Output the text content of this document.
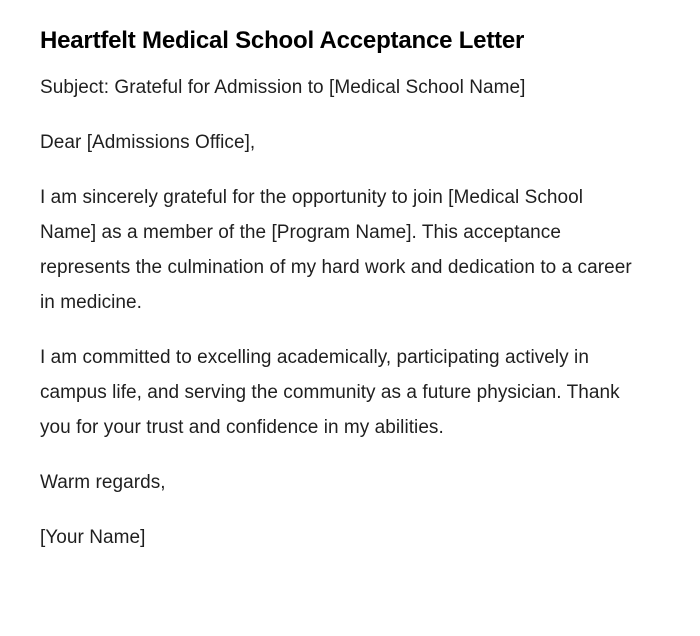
Heartfelt Medical School Acceptance Letter

Subject: Grateful for Admission to [Medical School Name]

Dear [Admissions Office],

I am sincerely grateful for the opportunity to join [Medical School Name] as a member of the [Program Name]. This acceptance represents the culmination of my hard work and dedication to a career in medicine.

I am committed to excelling academically, participating actively in campus life, and serving the community as a future physician. Thank you for your trust and confidence in my abilities.

Warm regards,

[Your Name]
